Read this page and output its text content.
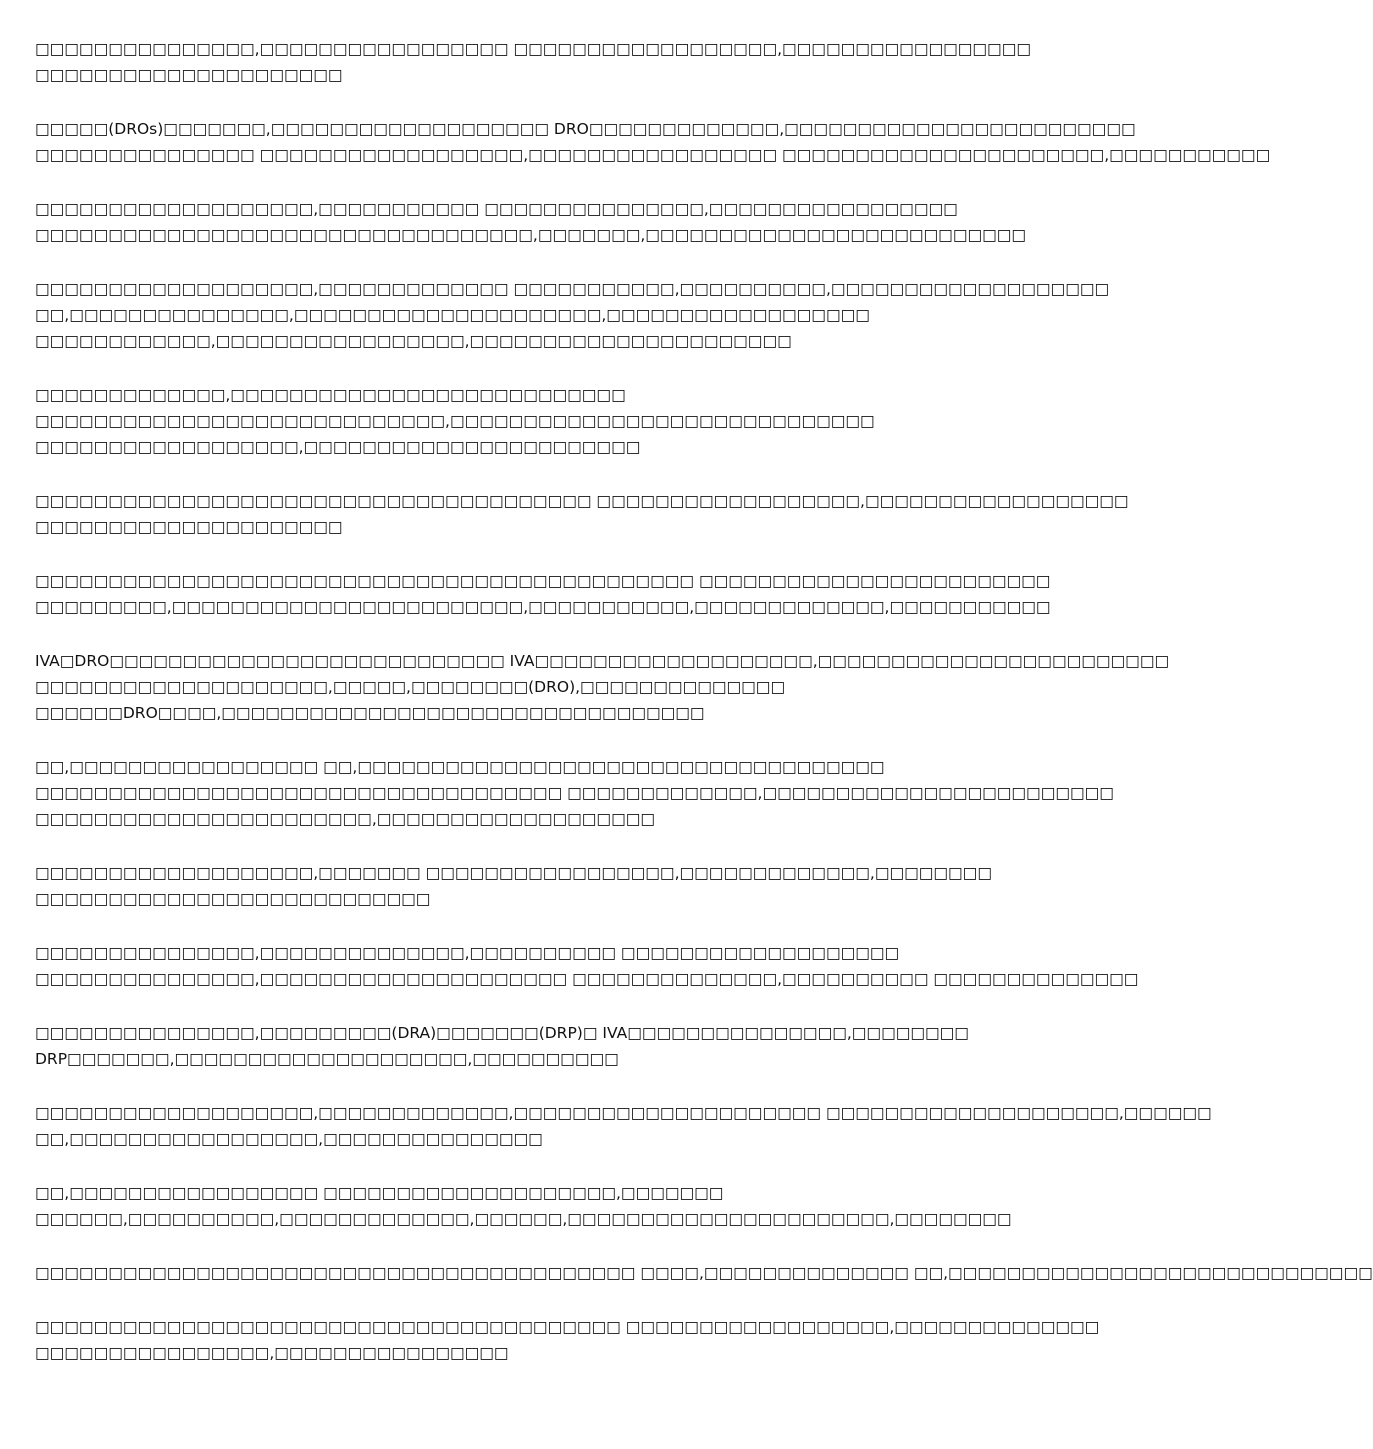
□□□□□□□□□□□□□□□,□□□□□□□□□□□□□□□□□ □□□□□□□□□□□□□□□□□□,□□□□□□□□□□□□□□□□□
□□□□□□□□□□□□□□□□□□□□□

□□□□□(DROs)□□□□□□□,□□□□□□□□□□□□□□□□□□□ DRO□□□□□□□□□□□□□,□□□□□□□□□□□□□□□□□□□□□□□□
□□□□□□□□□□□□□□□ □□□□□□□□□□□□□□□□□□,□□□□□□□□□□□□□□□□□ □□□□□□□□□□□□□□□□□□□□□□,□□□□□□□□□□□

□□□□□□□□□□□□□□□□□□□,□□□□□□□□□□□ □□□□□□□□□□□□□□□,□□□□□□□□□□□□□□□□□
□□□□□□□□□□□□□□□□□□□□□□□□□□□□□□□□□□,□□□□□□□,□□□□□□□□□□□□□□□□□□□□□□□□□□

□□□□□□□□□□□□□□□□□□□,□□□□□□□□□□□□□ □□□□□□□□□□□,□□□□□□□□□□,□□□□□□□□□□□□□□□□□□□
□□,□□□□□□□□□□□□□□□,□□□□□□□□□□□□□□□□□□□□□,□□□□□□□□□□□□□□□□□□
□□□□□□□□□□□□,□□□□□□□□□□□□□□□□□,□□□□□□□□□□□□□□□□□□□□□□

□□□□□□□□□□□□□,□□□□□□□□□□□□□□□□□□□□□□□□□□□
□□□□□□□□□□□□□□□□□□□□□□□□□□□□,□□□□□□□□□□□□□□□□□□□□□□□□□□□□□
□□□□□□□□□□□□□□□□□□,□□□□□□□□□□□□□□□□□□□□□□□

□□□□□□□□□□□□□□□□□□□□□□□□□□□□□□□□□□□□□□ □□□□□□□□□□□□□□□□□□,□□□□□□□□□□□□□□□□□□
□□□□□□□□□□□□□□□□□□□□□

□□□□□□□□□□□□□□□□□□□□□□□□□□□□□□□□□□□□□□□□□□□□□ □□□□□□□□□□□□□□□□□□□□□□□□
□□□□□□□□□,□□□□□□□□□□□□□□□□□□□□□□□□,□□□□□□□□□□□,□□□□□□□□□□□□□,□□□□□□□□□□□

IVA□DRO□□□□□□□□□□□□□□□□□□□□□□□□□□□ IVA□□□□□□□□□□□□□□□□□□□,□□□□□□□□□□□□□□□□□□□□□□□□
□□□□□□□□□□□□□□□□□□□□,□□□□□,□□□□□□□□(DRO),□□□□□□□□□□□□□□
□□□□□□DRO□□□□,□□□□□□□□□□□□□□□□□□□□□□□□□□□□□□□□□

□□,□□□□□□□□□□□□□□□□□ □□,□□□□□□□□□□□□□□□□□□□□□□□□□□□□□□□□□□□□
□□□□□□□□□□□□□□□□□□□□□□□□□□□□□□□□□□□□ □□□□□□□□□□□□□,□□□□□□□□□□□□□□□□□□□□□□□□
□□□□□□□□□□□□□□□□□□□□□□□,□□□□□□□□□□□□□□□□□□□

□□□□□□□□□□□□□□□□□□□,□□□□□□□ □□□□□□□□□□□□□□□□□,□□□□□□□□□□□□□,□□□□□□□□
□□□□□□□□□□□□□□□□□□□□□□□□□□□

□□□□□□□□□□□□□□□,□□□□□□□□□□□□□□,□□□□□□□□□□ □□□□□□□□□□□□□□□□□□□
□□□□□□□□□□□□□□□,□□□□□□□□□□□□□□□□□□□□□ □□□□□□□□□□□□□□,□□□□□□□□□□ □□□□□□□□□□□□□□

□□□□□□□□□□□□□□□,□□□□□□□□□(DRA)□□□□□□□(DRP)□ IVA□□□□□□□□□□□□□□□,□□□□□□□□
DRP□□□□□□□,□□□□□□□□□□□□□□□□□□□□,□□□□□□□□□□

□□□□□□□□□□□□□□□□□□□,□□□□□□□□□□□□□,□□□□□□□□□□□□□□□□□□□□□ □□□□□□□□□□□□□□□□□□□□,□□□□□□
□□,□□□□□□□□□□□□□□□□□,□□□□□□□□□□□□□□□

□□,□□□□□□□□□□□□□□□□□ □□□□□□□□□□□□□□□□□□□□,□□□□□□□
□□□□□□,□□□□□□□□□□,□□□□□□□□□□□□□,□□□□□□,□□□□□□□□□□□□□□□□□□□□□□,□□□□□□□□

□□□□□□□□□□□□□□□□□□□□□□□□□□□□□□□□□□□□□□□□□ □□□□,□□□□□□□□□□□□□□ □□,□□□□□□□□□□□□□□□□□□□□□□□□□□□□□

□□□□□□□□□□□□□□□□□□□□□□□□□□□□□□□□□□□□□□□□ □□□□□□□□□□□□□□□□□□,□□□□□□□□□□□□□□
□□□□□□□□□□□□□□□□,□□□□□□□□□□□□□□□□
